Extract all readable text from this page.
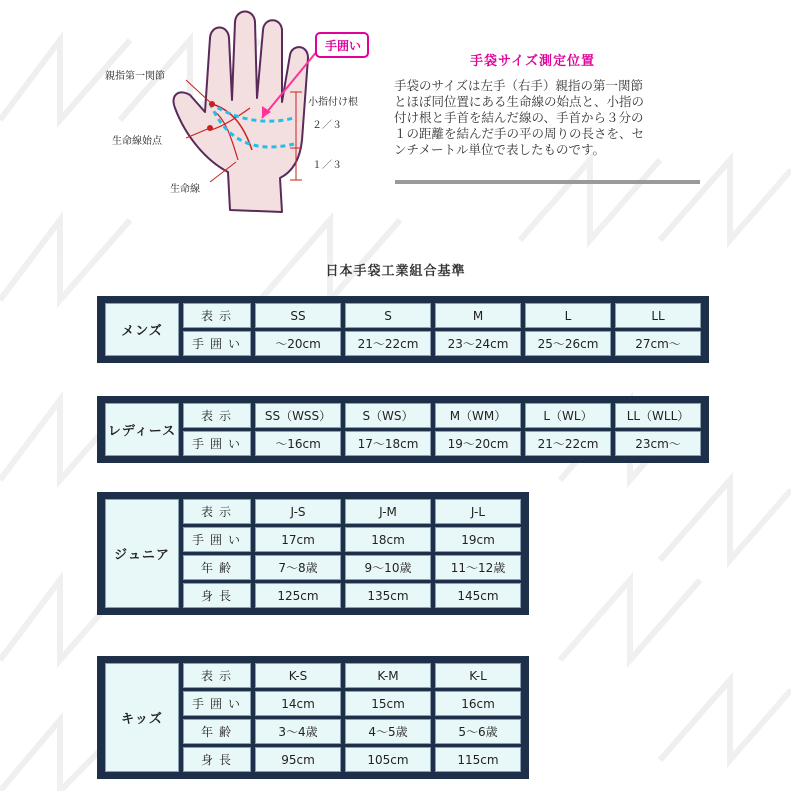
手囲い
親指第一関節
生命線始点
生命線
小指付け根
２／３
１／３
手袋サイズ測定位置
手袋のサイズは左手（右手）親指の第一関節
とほぼ同位置にある生命線の始点と、小指の
付け根と手首を結んだ線の、手首から３分の
１の距離を結んだ手の平の周りの長さを、セ
ンチメートル単位で表したものです。
日本手袋工業組合基準
メンズ	表示	SS	S	M	L	LL
	手囲い	～20cm	21～22cm	23～24cm	25～26cm	27cm～
レディース	表示	SS（WSS）	S（WS）	M（WM）	L（WL）	LL（WLL）
	手囲い	～16cm	17～18cm	19～20cm	21～22cm	23cm～
ジュニア	表示	J-S	J-M	J-L
	手囲い	17cm	18cm	19cm
	年齢	7～8歳	9～10歳	11～12歳
	身長	125cm	135cm	145cm
キッズ	表示	K-S	K-M	K-L
	手囲い	14cm	15cm	16cm
	年齢	3～4歳	4～5歳	5～6歳
	身長	95cm	105cm	115cm
